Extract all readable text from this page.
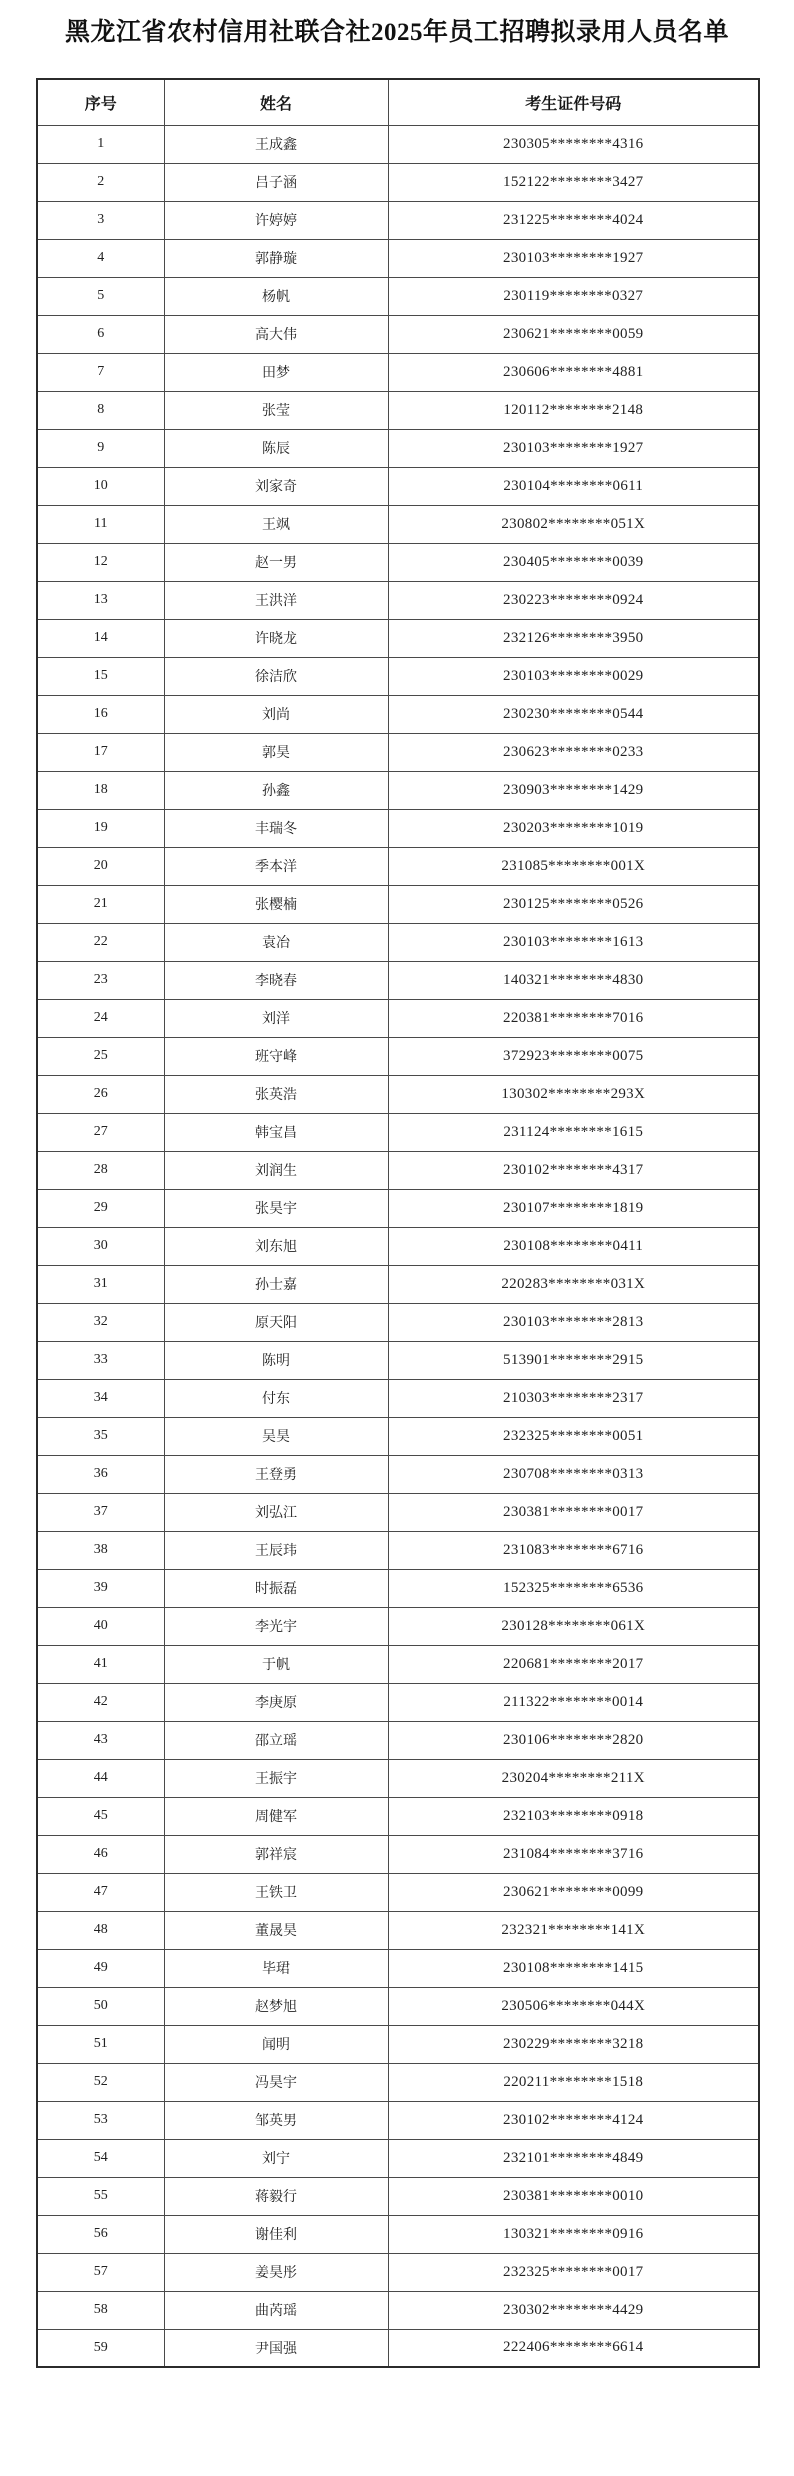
黑龙江省农村信用社联合社2025年员工招聘拟录用人员名单
序号	姓名	考生证件号码
1	王成鑫	230305********4316
2	吕子涵	152122********3427
3	许婷婷	231225********4024
4	郭静璇	230103********1927
5	杨帆	230119********0327
6	高大伟	230621********0059
7	田梦	230606********4881
8	张莹	120112********2148
9	陈辰	230103********1927
10	刘家奇	230104********0611
11	王飒	230802********051X
12	赵一男	230405********0039
13	王洪洋	230223********0924
14	许晓龙	232126********3950
15	徐洁欣	230103********0029
16	刘尚	230230********0544
17	郭昊	230623********0233
18	孙鑫	230903********1429
19	丰瑞冬	230203********1019
20	季本洋	231085********001X
21	张樱楠	230125********0526
22	袁冶	230103********1613
23	李晓春	140321********4830
24	刘洋	220381********7016
25	班守峰	372923********0075
26	张英浩	130302********293X
27	韩宝昌	231124********1615
28	刘润生	230102********4317
29	张昊宇	230107********1819
30	刘东旭	230108********0411
31	孙士嘉	220283********031X
32	原天阳	230103********2813
33	陈明	513901********2915
34	付东	210303********2317
35	吴昊	232325********0051
36	王登勇	230708********0313
37	刘弘江	230381********0017
38	王辰玮	231083********6716
39	时振磊	152325********6536
40	李光宇	230128********061X
41	于帆	220681********2017
42	李庚原	211322********0014
43	邵立瑶	230106********2820
44	王振宇	230204********211X
45	周健军	232103********0918
46	郭祥宸	231084********3716
47	王铁卫	230621********0099
48	董晟昊	232321********141X
49	毕珺	230108********1415
50	赵梦旭	230506********044X
51	闻明	230229********3218
52	冯昊宇	220211********1518
53	邹英男	230102********4124
54	刘宁	232101********4849
55	蒋毅行	230381********0010
56	谢佳利	130321********0916
57	姜昊彤	232325********0017
58	曲芮瑶	230302********4429
59	尹国强	222406********6614
